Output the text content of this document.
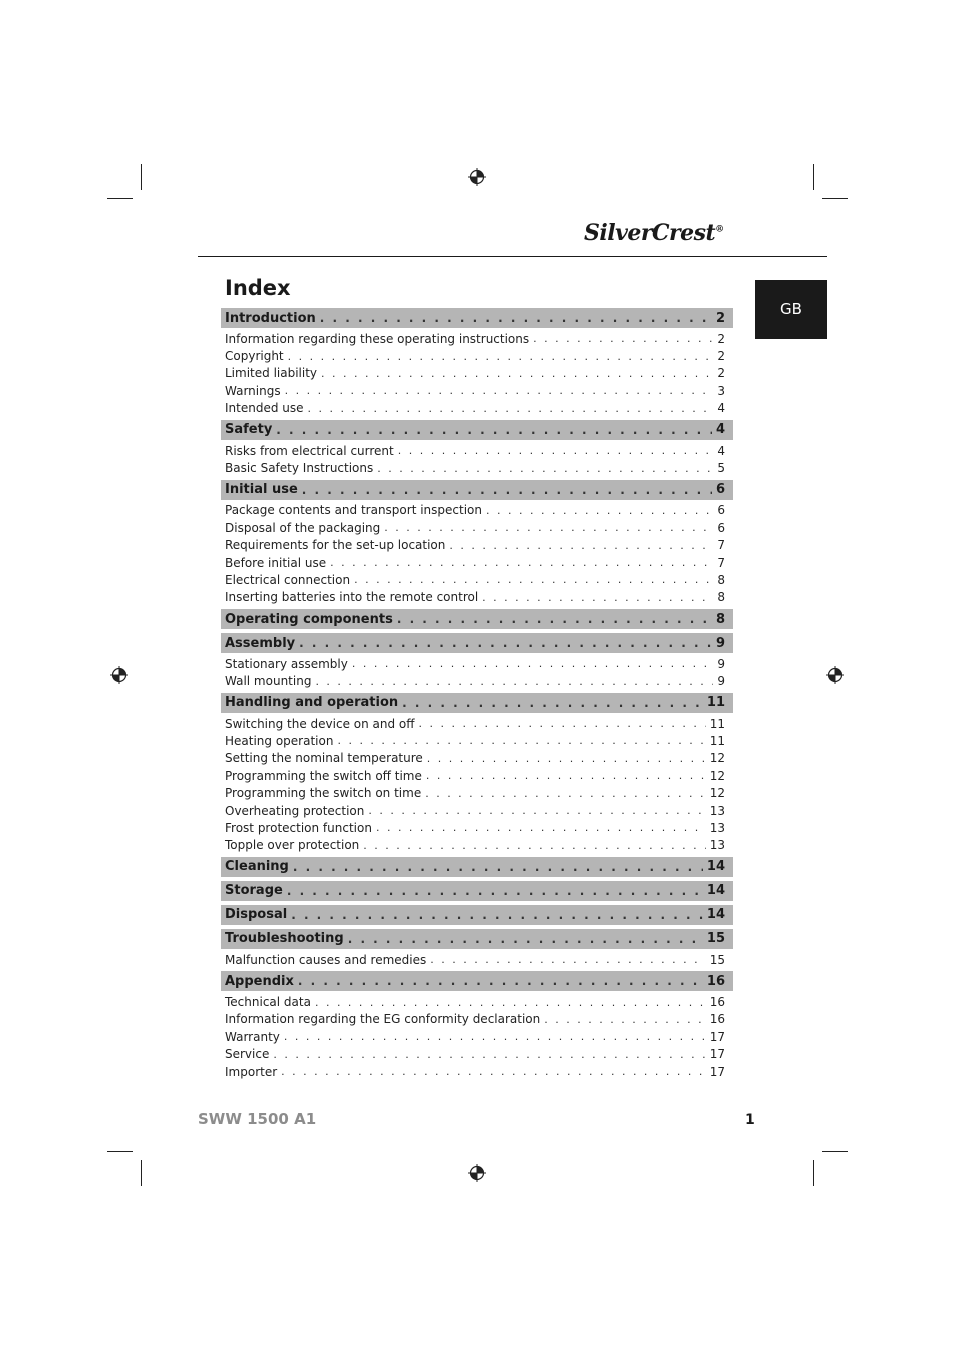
SilverCrest®
GB
Index
Introduction . . .	2
Information regarding these operating instructions . . .	2
Copyright . . .	2
Limited liability . . .	2
Warnings . . .	3
Intended use . . .	4
Safety . . .	4
Risks from electrical current . . .	4
Basic Safety Instructions . . .	5
Initial use . . .	6
Package contents and transport inspection . . .	6
Disposal of the packaging . . .	6
Requirements for the set-up location . . .	7
Before initial use . . .	7
Electrical connection . . .	8
Inserting batteries into the remote control . . .	8
Operating components . . .	8
Assembly . . .	9
Stationary assembly . . .	9
Wall mounting . . .	9
Handling and operation . . .	11
Switching the device on and off . . .	11
Heating operation . . .	11
Setting the nominal temperature . . .	12
Programming the switch off time . . .	12
Programming the switch on time . . .	12
Overheating protection . . .	13
Frost protection function . . .	13
Topple over protection . . .	13
Cleaning . . .	14
Storage . . .	14
Disposal . . .	14
Troubleshooting . . .	15
Malfunction causes and remedies . . .	15
Appendix . . .	16
Technical data . . .	16
Information regarding the EG conformity declaration . . .	16
Warranty . . .	17
Service . . .	17
Importer . . .	17
SWW 1500 A1	1
